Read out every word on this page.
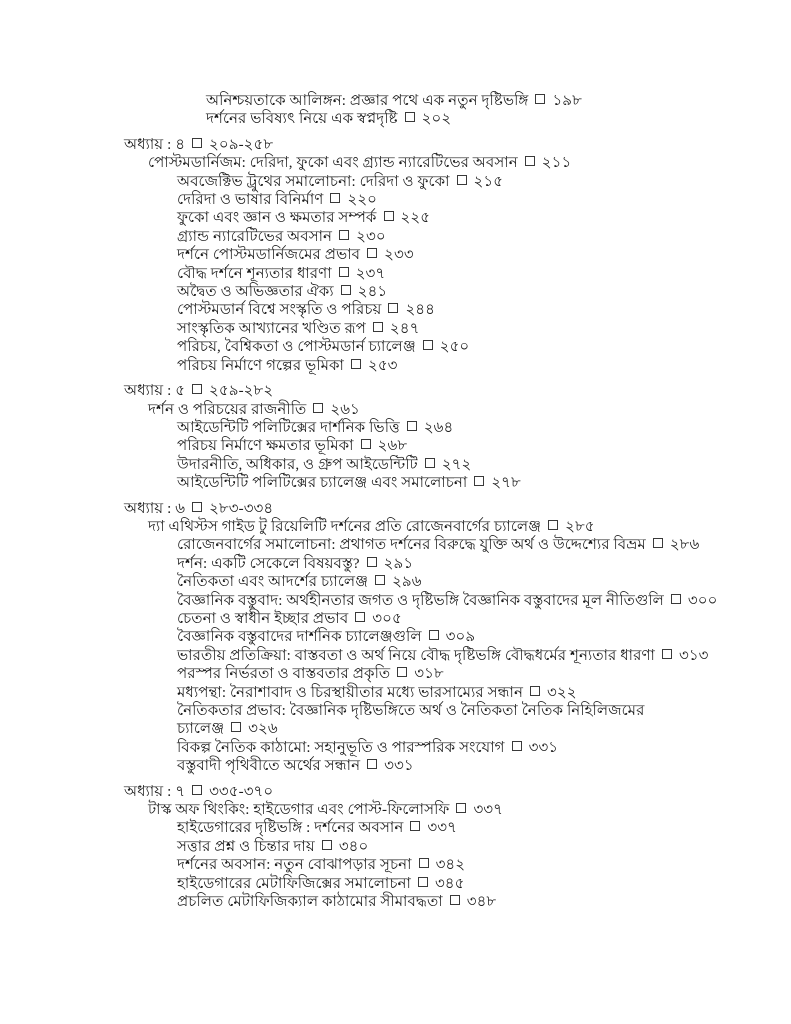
অনিশ্চয়তাকে আলিঙ্গন: প্রজ্ঞার পথে এক নতুন দৃষ্টিভঙ্গি ১৯৮
দর্শনের ভবিষ্যৎ নিয়ে এক স্বপ্নদৃষ্টি ২০২
অধ্যায় : ৪ ২০৯-২৫৮
পোস্টমডার্নিজম: দেরিদা, ফুকো এবং গ্র্যান্ড ন্যারেটিভের অবসান ২১১
অবজেক্টিভ ট্রুথের সমালোচনা: দেরিদা ও ফুকো ২১৫
দেরিদা ও ভাষার বিনির্মাণ ২২০
ফুকো এবং জ্ঞান ও ক্ষমতার সম্পর্ক ২২৫
গ্র্যান্ড ন্যারেটিভের অবসান ২৩০
দর্শনে পোস্টমডার্নিজমের প্রভাব ২৩৩
বৌদ্ধ দর্শনে শূন্যতার ধারণা ২৩৭
অদ্বৈত ও অভিজ্ঞতার ঐক্য ২৪১
পোস্টমডার্ন বিশ্বে সংস্কৃতি ও পরিচয় ২৪৪
সাংস্কৃতিক আখ্যানের খণ্ডিত রূপ ২৪৭
পরিচয়, বৈশ্বিকতা ও পোস্টমডার্ন চ্যালেঞ্জ ২৫০
পরিচয় নির্মাণে গল্পের ভূমিকা ২৫৩
অধ্যায় : ৫ ২৫৯-২৮২
দর্শন ও পরিচয়ের রাজনীতি ২৬১
আইডেন্টিটি পলিটিক্সের দার্শনিক ভিত্তি ২৬৪
পরিচয় নির্মাণে ক্ষমতার ভূমিকা ২৬৮
উদারনীতি, অধিকার, ও গ্রুপ আইডেন্টিটি ২৭২
আইডেন্টিটি পলিটিক্সের চ্যালেঞ্জ এবং সমালোচনা ২৭৮
অধ্যায় : ৬ ২৮৩-৩৩৪
দ্যা এথিস্টস গাইড টু রিয়েলিটি দর্শনের প্রতি রোজেনবার্গের চ্যালেঞ্জ ২৮৫
রোজেনবার্গের সমালোচনা: প্রথাগত দর্শনের বিরুদ্ধে যুক্তি অর্থ ও উদ্দেশ্যের বিভ্রম ২৮৬
দর্শন: একটি সেকেলে বিষয়বস্তু? ২৯১
নৈতিকতা এবং আদর্শের চ্যালেঞ্জ ২৯৬
বৈজ্ঞানিক বস্তুবাদ: অর্থহীনতার জগত ও দৃষ্টিভঙ্গি বৈজ্ঞানিক বস্তুবাদের মূল নীতিগুলি ৩০০
চেতনা ও স্বাধীন ইচ্ছার প্রভাব ৩০৫
বৈজ্ঞানিক বস্তুবাদের দার্শনিক চ্যালেঞ্জগুলি ৩০৯
ভারতীয় প্রতিক্রিয়া: বাস্তবতা ও অর্থ নিয়ে বৌদ্ধ দৃষ্টিভঙ্গি বৌদ্ধধর্মের শূন্যতার ধারণা ৩১৩
পরস্পর নির্ভরতা ও বাস্তবতার প্রকৃতি ৩১৮
মধ্যপন্থা: নৈরাশাবাদ ও চিরস্থায়ীতার মধ্যে ভারসাম্যের সন্ধান ৩২২
নৈতিকতার প্রভাব: বৈজ্ঞানিক দৃষ্টিভঙ্গিতে অর্থ ও নৈতিকতা নৈতিক নিহিলিজমের
চ্যালেঞ্জ ৩২৬
বিকল্প নৈতিক কাঠামো: সহানুভূতি ও পারস্পরিক সংযোগ ৩৩১
বস্তুবাদী পৃথিবীতে অর্থের সন্ধান ৩৩১
অধ্যায় : ৭ ৩৩৫-৩৭০
টাস্ক অফ থিংকিং: হাইডেগার এবং পোস্ট-ফিলোসফি ৩৩৭
হাইডেগারের দৃষ্টিভঙ্গি : দর্শনের অবসান ৩৩৭
সত্তার প্রশ্ন ও চিন্তার দায় ৩৪০
দর্শনের অবসান: নতুন বোঝাপড়ার সূচনা ৩৪২
হাইডেগারের মেটাফিজিক্সের সমালোচনা ৩৪৫
প্রচলিত মেটাফিজিক্যাল কাঠামোর সীমাবদ্ধতা ৩৪৮
